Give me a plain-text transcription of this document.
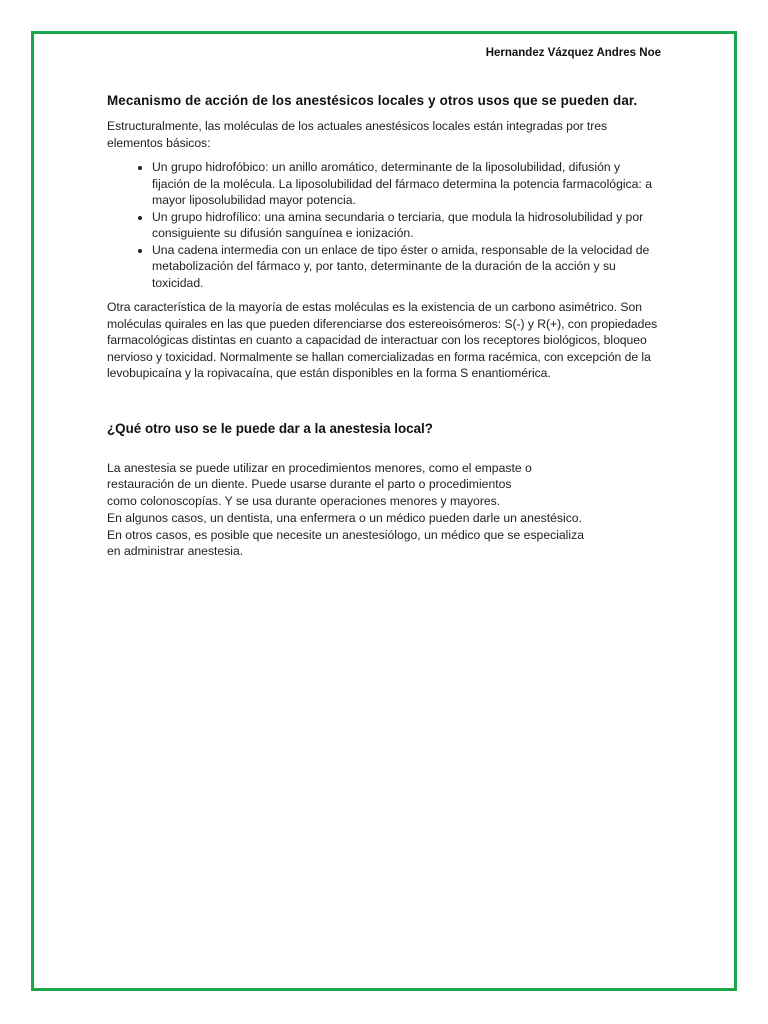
Hernandez Vázquez Andres Noe
Mecanismo de acción de los anestésicos locales y otros usos que se pueden dar.
Estructuralmente, las moléculas de los actuales anestésicos locales están integradas por tres elementos básicos:
• Un grupo hidrofóbico: un anillo aromático, determinante de la liposolubilidad, difusión y fijación de la molécula. La liposolubilidad del fármaco determina la potencia farmacológica: a mayor liposolubilidad mayor potencia.
• Un grupo hidrofílico: una amina secundaria o terciaria, que modula la hidrosolubilidad y por consiguiente su difusión sanguínea e ionización.
• Una cadena intermedia con un enlace de tipo éster o amida, responsable de la velocidad de metabolización del fármaco y, por tanto, determinante de la duración de la acción y su toxicidad.
Otra característica de la mayoría de estas moléculas es la existencia de un carbono asimétrico. Son moléculas quirales en las que pueden diferenciarse dos estereoisómeros: S(-) y R(+), con propiedades farmacológicas distintas en cuanto a capacidad de interactuar con los receptores biológicos, bloqueo nervioso y toxicidad. Normalmente se hallan comercializadas en forma racémica, con excepción de la levobupicaína y la ropivacaína, que están disponibles en la forma S enantiomérica.
¿Qué otro uso se le puede dar a la anestesia local?
La anestesia se puede utilizar en procedimientos menores, como el empaste o
restauración de un diente. Puede usarse durante el parto o procedimientos
como colonoscopías. Y se usa durante operaciones menores y mayores.
En algunos casos, un dentista, una enfermera o un médico pueden darle un anestésico.
En otros casos, es posible que necesite un anestesiólogo, un médico que se especializa
en administrar anestesia.
